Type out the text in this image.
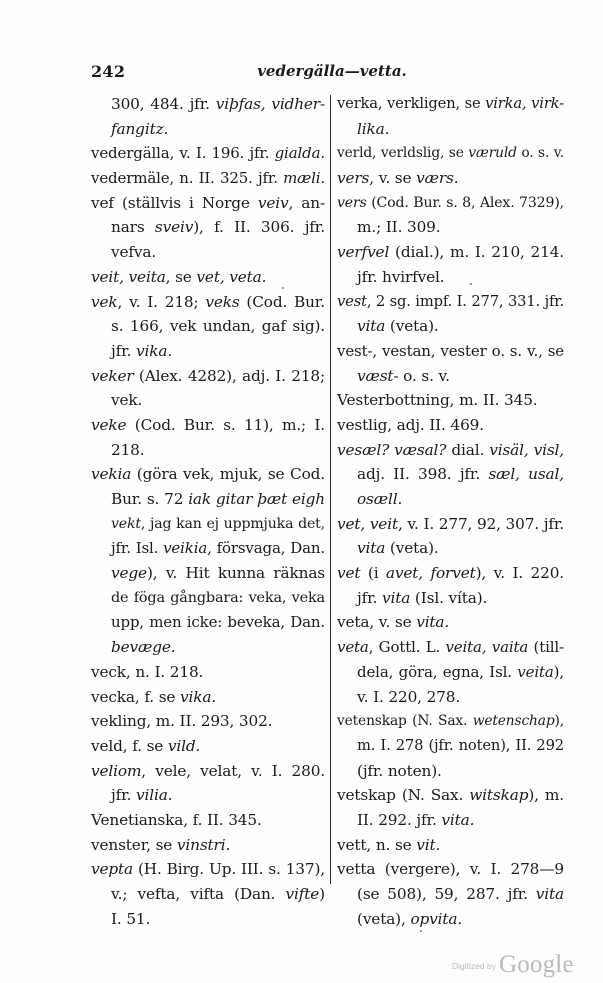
242	vedergälla—vetta.
300, 484. jfr. viþfas, vidher-
fangitz.
vedergälla, v. I. 196. jfr. gialda.
vedermäle, n. II. 325. jfr. mæli.
vef (ställvis i Norge veiv, an-
nars sveiv), f. II. 306. jfr.
vefva.
veit, veita, se vet, veta.
vek, v. I. 218; veks (Cod. Bur.
s. 166, vek undan, gaf sig).
jfr. vika.
veker (Alex. 4282), adj. I. 218;
vek.
veke (Cod. Bur. s. 11), m.; I.
218.
vekia (göra vek, mjuk, se Cod.
Bur. s. 72 iak gitar þæt eigh
vekt, jag kan ej uppmjuka det,
jfr. Isl. veikia, försvaga, Dan.
vege), v. Hit kunna räknas
de föga gångbara: veka, veka
upp, men icke: beveka, Dan.
bevæge.
veck, n. I. 218.
vecka, f. se vika.
vekling, m. II. 293, 302.
veld, f. se vild.
veliom, vele, velat, v. I. 280.
jfr. vilia.
Venetianska, f. II. 345.
venster, se vinstri.
vepta (H. Birg. Up. III. s. 137),
v.; vefta, vifta (Dan. vifte)
I. 51.
verka, verkligen, se virka, virk-
lika.
verld, verldslig, se væruld o. s. v.
vers, v. se værs.
vers (Cod. Bur. s. 8, Alex. 7329),
m.; II. 309.
verfvel (dial.), m. I. 210, 214.
jfr. hvirfvel.
vest, 2 sg. impf. I. 277, 331. jfr.
vita (veta).
vest-, vestan, vester o. s. v., se
væst- o. s. v.
Vesterbottning, m. II. 345.
vestlig, adj. II. 469.
vesæl? væsal? dial. visäl, visl,
adj. II. 398. jfr. sæl, usal,
osæll.
vet, veit, v. I. 277, 92, 307. jfr.
vita (veta).
vet (i avet, forvet), v. I. 220.
jfr. vita (Isl. víta).
veta, v. se vita.
veta, Gottl. L. veita, vaita (till-
dela, göra, egna, Isl. veita),
v. I. 220, 278.
vetenskap (N. Sax. wetenschap),
m. I. 278 (jfr. noten), II. 292
(jfr. noten).
vetskap (N. Sax. witskap), m.
II. 292. jfr. vita.
vett, n. se vit.
vetta (vergere), v. I. 278—9
(se 508), 59, 287. jfr. vita
(veta), opvita.
Digitized by Google
